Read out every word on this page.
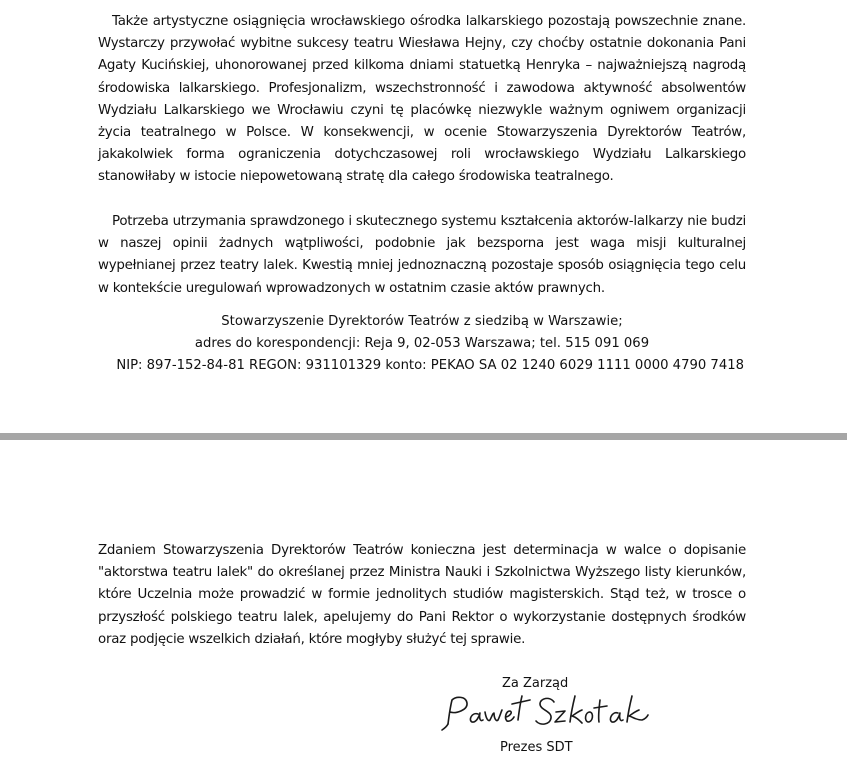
Także artystyczne osiągnięcia wrocławskiego ośrodka lalkarskiego pozostają powszechnie znane. Wystarczy przywołać wybitne sukcesy teatru Wiesława Hejny, czy choćby ostatnie dokonania Pani Agaty Kucińskiej, uhonorowanej przed kilkoma dniami statuetką Henryka – najważniejszą nagrodą środowiska lalkarskiego. Profesjonalizm, wszechstronność i zawodowa aktywność absolwentów Wydziału Lalkarskiego we Wrocławiu czyni tę placówkę niezwykle ważnym ogniwem organizacji życia teatralnego w Polsce. W konsekwencji, w ocenie Stowarzyszenia Dyrektorów Teatrów, jakakolwiek forma ograniczenia dotychczasowej roli wrocławskiego Wydziału Lalkarskiego stanowiłaby w istocie niepowetowaną stratę dla całego środowiska teatralnego.

Potrzeba utrzymania sprawdzonego i skutecznego systemu kształcenia aktorów-lalkarzy nie budzi w naszej opinii żadnych wątpliwości, podobnie jak bezsporna jest waga misji kulturalnej wypełnianej przez teatry lalek. Kwestią mniej jednoznaczną pozostaje sposób osiągnięcia tego celu w kontekście uregulowań wprowadzonych w ostatnim czasie aktów prawnych.

Stowarzyszenie Dyrektorów Teatrów z siedzibą w Warszawie;
adres do korespondencji: Reja 9, 02-053 Warszawa; tel. 515 091 069
NIP: 897-152-84-81 REGON: 931101329 konto: PEKAO SA 02 1240 6029 1111 0000 4790 7418

Zdaniem Stowarzyszenia Dyrektorów Teatrów konieczna jest determinacja w walce o dopisanie "aktorstwa teatru lalek" do określanej przez Ministra Nauki i Szkolnictwa Wyższego listy kierunków, które Uczelnia może prowadzić w formie jednolitych studiów magisterskich. Stąd też, w trosce o przyszłość polskiego teatru lalek, apelujemy do Pani Rektor o wykorzystanie dostępnych środków oraz podjęcie wszelkich działań, które mogłyby służyć tej sprawie.

Za Zarząd
Prezes SDT
